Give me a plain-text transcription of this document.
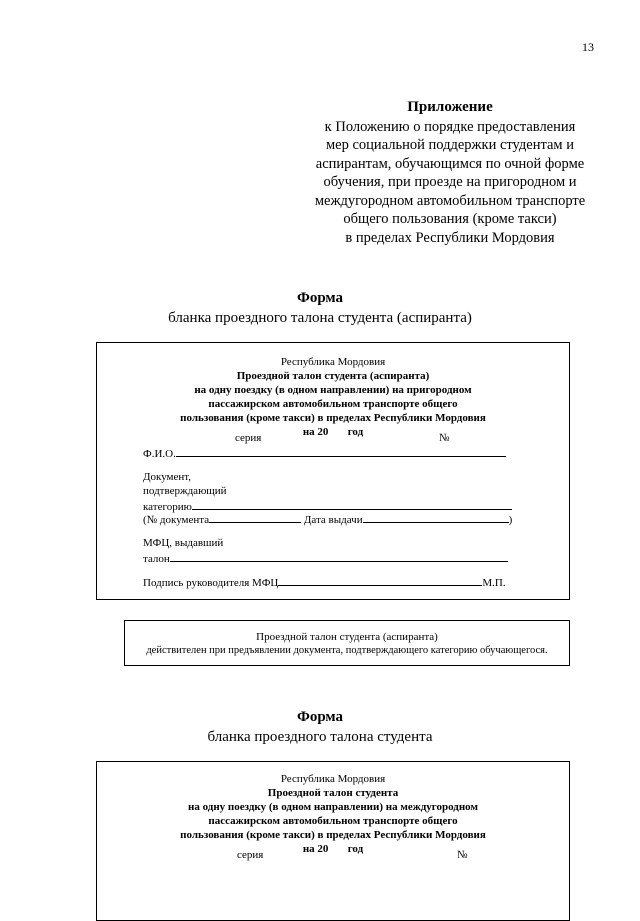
13
Приложение
к Положению о порядке предоставления
мер социальной поддержки студентам и
аспирантам, обучающимся по очной форме
обучения, при проезде на пригородном и
междугородном автомобильном транспорте
общего пользования (кроме такси)
в пределах Республики Мордовия
Форма
бланка проездного талона студента (аспиранта)
Республика Мордовия
Проездной талон студента (аспиранта)
на одну поездку (в одном направлении) на пригородном
пассажирском автомобильном транспорте общего
пользования (кроме такси) в пределах Республики Мордовия
на 20 год
серия	№
Ф.И.О.
Документ,
подтверждающий
категорию
(№ документа	Дата выдачи	)
МФЦ, выдавший
талон
Подпись руководителя МФЦ	М.П.
Проездной талон студента (аспиранта)
действителен при предъявлении документа, подтверждающего категорию обучающегося.
Форма
бланка проездного талона студента
Республика Мордовия
Проездной талон студента
на одну поездку (в одном направлении) на междугородном
пассажирском автомобильном транспорте общего
пользования (кроме такси) в пределах Республики Мордовия
на 20 год
серия	№
